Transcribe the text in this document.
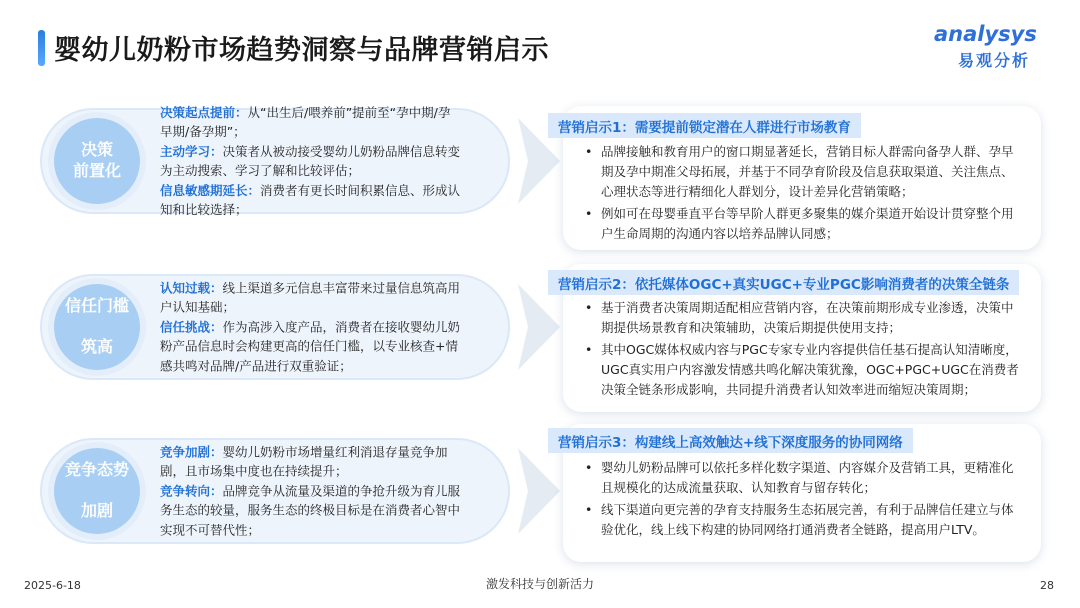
婴幼儿奶粉市场趋势洞察与品牌营销启示
analysys
易观分析
决策
前置化

决策起点提前：从“出生后/喂养前”提前至“孕中期/孕早期/备孕期”；

主动学习：决策者从被动接受婴幼儿奶粉品牌信息转变为主动搜索、学习了解和比较评估；

信息敏感期延长：消费者有更长时间积累信息、形成认知和比较选择；

• 品牌接触和教育用户的窗口期显著延长，营销目标人群需向备孕人群、孕早期及孕中期准父母拓展，并基于不同孕育阶段及信息获取渠道、关注焦点、心理状态等进行精细化人群划分，设计差异化营销策略；
• 例如可在母婴垂直平台等早阶人群更多聚集的媒介渠道开始设计贯穿整个用户生命周期的沟通内容以培养品牌认同感；
营销启示1：需要提前锁定潜在人群进行市场教育
信任门槛

筑高

认知过载：线上渠道多元信息丰富带来过量信息筑高用户认知基础；

信任挑战：作为高涉入度产品，消费者在接收婴幼儿奶粉产品信息时会构建更高的信任门槛，以专业核查+情感共鸣对品牌/产品进行双重验证；

• 基于消费者决策周期适配相应营销内容，在决策前期形成专业渗透，决策中期提供场景教育和决策辅助，决策后期提供使用支持；
• 其中OGC媒体权威内容与PGC专家专业内容提供信任基石提高认知清晰度，UGC真实用户内容激发情感共鸣化解决策犹豫，OGC+PGC+UGC在消费者决策全链条形成影响，共同提升消费者认知效率进而缩短决策周期；
营销启示2：依托媒体OGC+真实UGC+专业PGC影响消费者的决策全链条
竞争态势

加剧

竞争加剧：婴幼儿奶粉市场增量红利消退存量竞争加剧，且市场集中度也在持续提升；

竞争转向：品牌竞争从流量及渠道的争抢升级为育儿服务生态的较量，服务生态的终极目标是在消费者心智中实现不可替代性；

• 婴幼儿奶粉品牌可以依托多样化数字渠道、内容媒介及营销工具，更精准化且规模化的达成流量获取、认知教育与留存转化；
• 线下渠道向更完善的孕育支持服务生态拓展完善，有利于品牌信任建立与体验优化，线上线下构建的协同网络打通消费者全链路，提高用户LTV。
营销启示3：构建线上高效触达+线下深度服务的协同网络
2025-6-18	激发科技与创新活力	28
